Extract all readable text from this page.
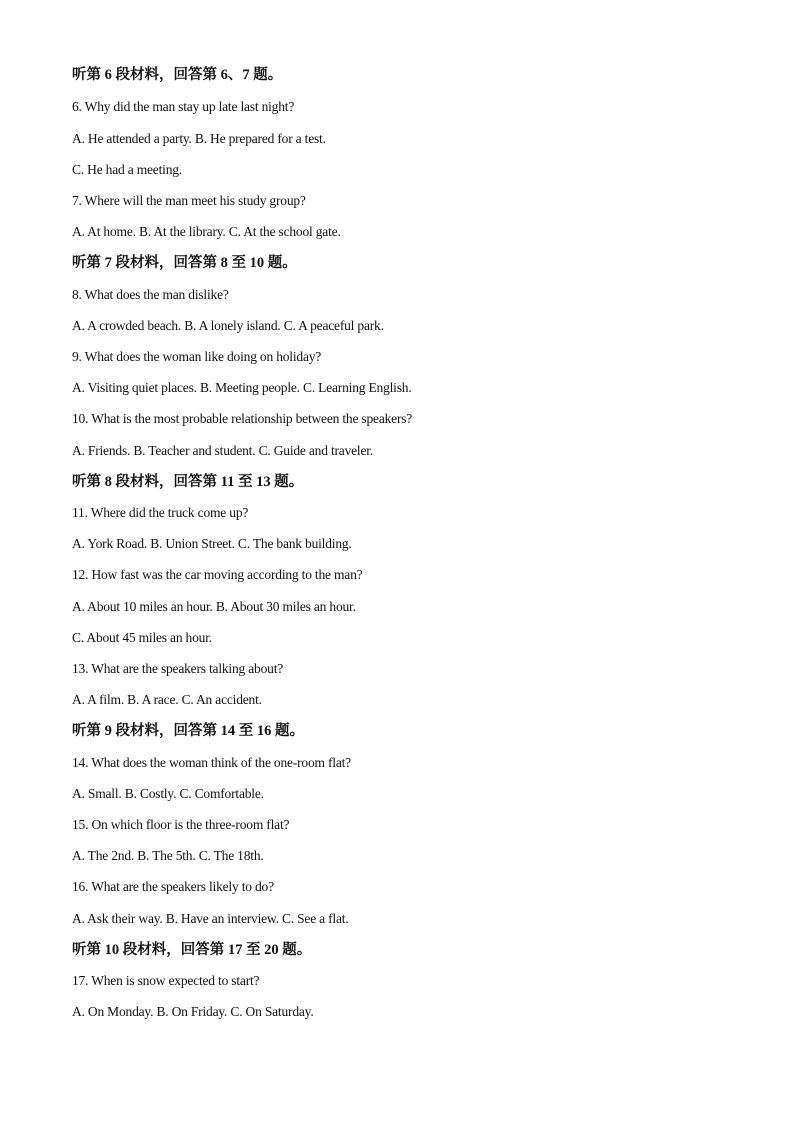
听第 6 段材料，回答第 6、7 题。
6. Why did the man stay up late last night?
A. He attended a party. B. He prepared for a test.
C. He had a meeting.
7. Where will the man meet his study group?
A. At home. B. At the library. C. At the school gate.
听第 7 段材料，回答第 8 至 10 题。
8. What does the man dislike?
A. A crowded beach. B. A lonely island. C. A peaceful park.
9. What does the woman like doing on holiday?
A. Visiting quiet places. B. Meeting people. C. Learning English.
10. What is the most probable relationship between the speakers?
A. Friends. B. Teacher and student. C. Guide and traveler.
听第 8 段材料，回答第 11 至 13 题。
11. Where did the truck come up?
A. York Road. B. Union Street. C. The bank building.
12. How fast was the car moving according to the man?
A. About 10 miles an hour. B. About 30 miles an hour.
C. About 45 miles an hour.
13. What are the speakers talking about?
A. A film. B. A race. C. An accident.
听第 9 段材料，回答第 14 至 16 题。
14. What does the woman think of the one-room flat?
A. Small. B. Costly. C. Comfortable.
15. On which floor is the three-room flat?
A. The 2nd. B. The 5th. C. The 18th.
16. What are the speakers likely to do?
A. Ask their way. B. Have an interview. C. See a flat.
听第 10 段材料，回答第 17 至 20 题。
17. When is snow expected to start?
A. On Monday. B. On Friday. C. On Saturday.
